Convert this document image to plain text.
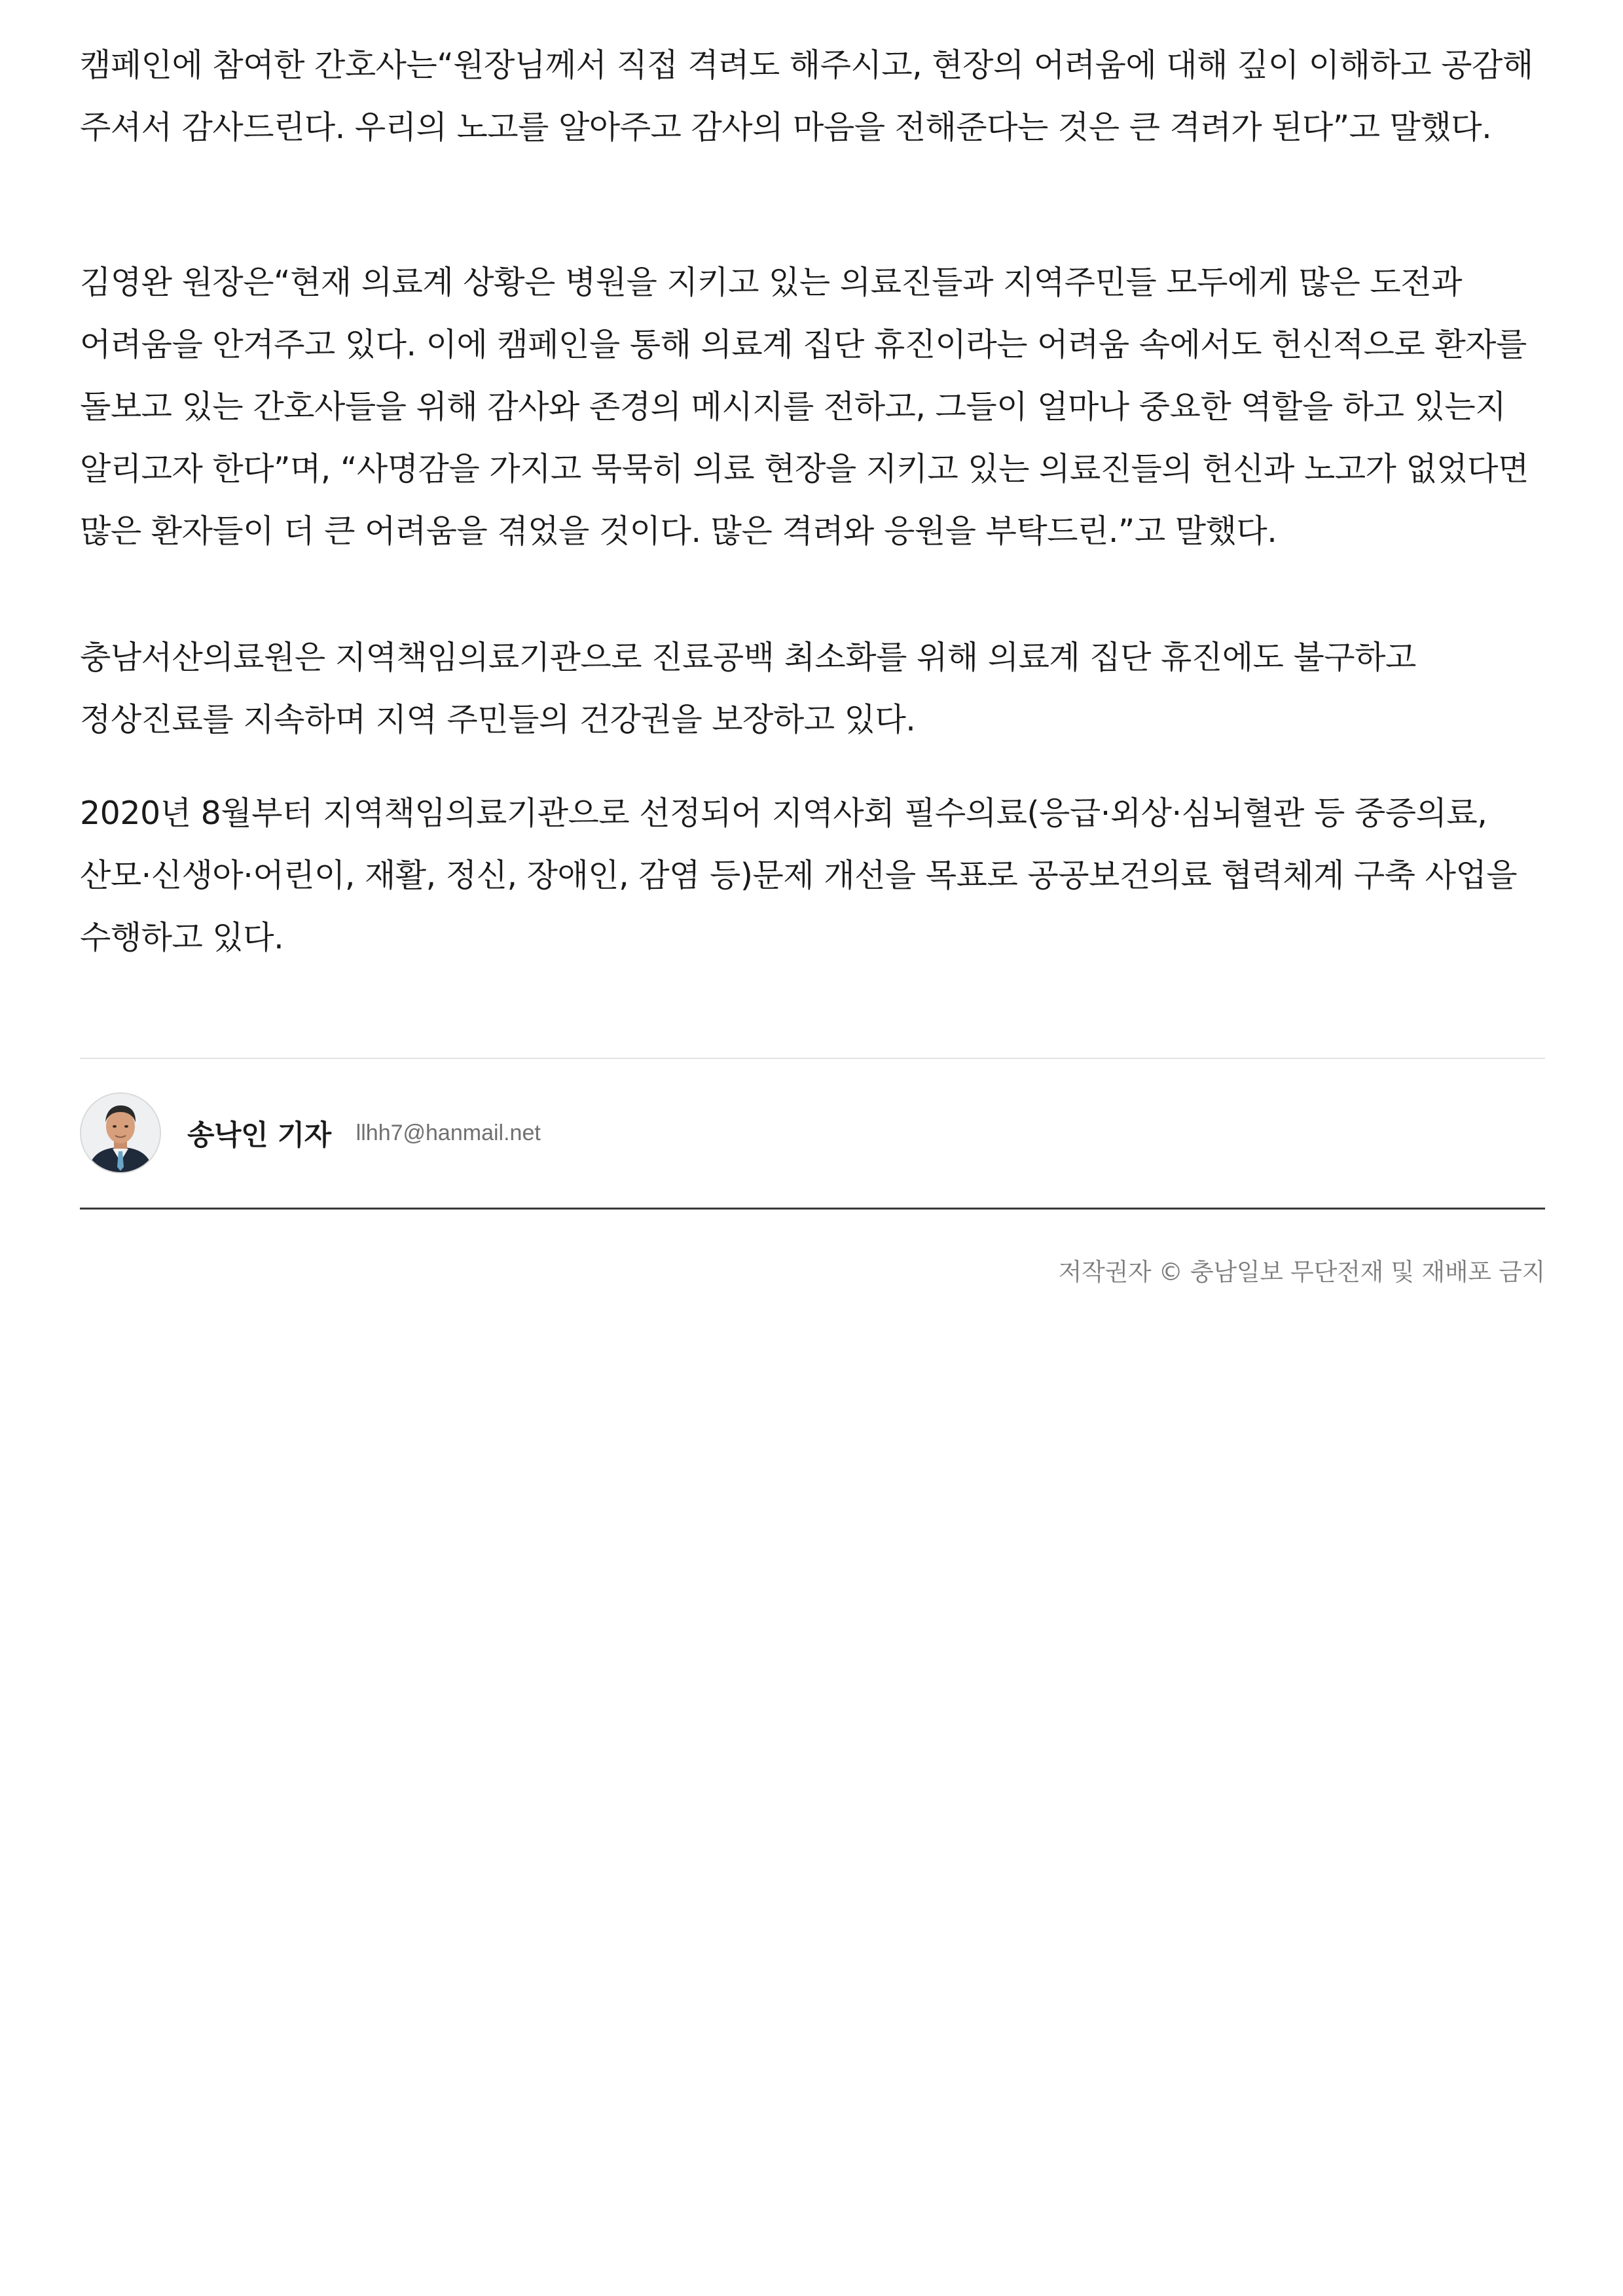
캠페인에 참여한 간호사는“원장님께서 직접 격려도 해주시고, 현장의 어려움에 대해 깊이 이해하고 공감해 주셔서 감사드린다. 우리의 노고를 알아주고 감사의 마음을 전해준다는 것은 큰 격려가 된다”고 말했다.

김영완 원장은“현재 의료계 상황은 병원을 지키고 있는 의료진들과 지역주민들 모두에게 많은 도전과 어려움을 안겨주고 있다. 이에 캠페인을 통해 의료계 집단 휴진이라는 어려움 속에서도 헌신적으로 환자를 돌보고 있는 간호사들을 위해 감사와 존경의 메시지를 전하고, 그들이 얼마나 중요한 역할을 하고 있는지 알리고자 한다”며, “사명감을 가지고 묵묵히 의료 현장을 지키고 있는 의료진들의 헌신과 노고가 없었다면 많은 환자들이 더 큰 어려움을 겪었을 것이다. 많은 격려와 응원을 부탁드린.”고 말했다.

충남서산의료원은 지역책임의료기관으로 진료공백 최소화를 위해 의료계 집단 휴진에도 불구하고 정상진료를 지속하며 지역 주민들의 건강권을 보장하고 있다.

2020년 8월부터 지역책임의료기관으로 선정되어 지역사회 필수의료(응급·외상·심뇌혈관 등 중증의료, 산모·신생아·어린이, 재활, 정신, 장애인, 감염 등)문제 개선을 목표로 공공보건의료 협력체계 구축 사업을 수행하고 있다.

송낙인 기자 llhh7@hanmail.net
저작권자 © 충남일보 무단전재 및 재배포 금지
